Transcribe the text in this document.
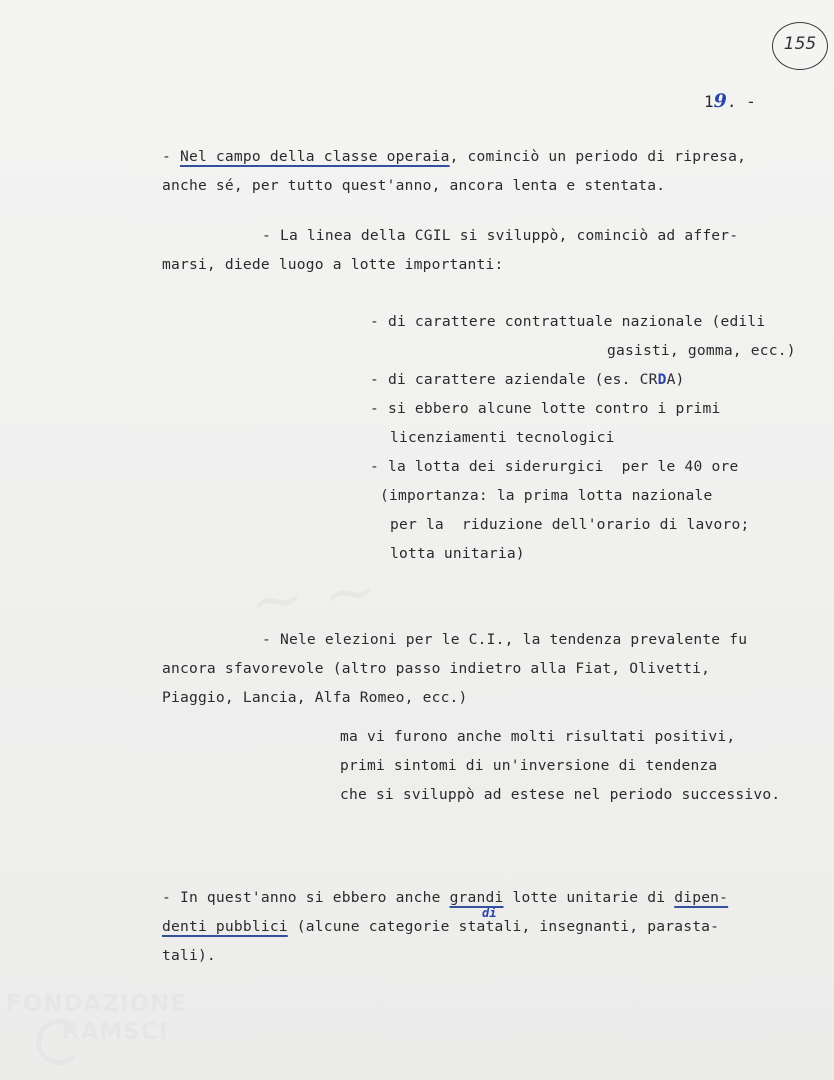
155
19. -
- Nel campo della classe operaia, cominciò un periodo di ripresa,
anche sé, per tutto quest'anno, ancora lenta e stentata.
- La linea della CGIL si sviluppò, cominciò ad affer-
marsi, diede luogo a lotte importanti:
- di carattere contrattuale nazionale (edili
gasisti, gomma, ecc.)
- di carattere aziendale (es. CRDA)
- si ebbero alcune lotte contro i primi
licenziamenti tecnologici
- la lotta dei siderurgici  per le 40 ore
(importanza: la prima lotta nazionale
per la  riduzione dell'orario di lavoro;
lotta unitaria)
- Nele elezioni per le C.I., la tendenza prevalente fu
ancora sfavorevole (altro passo indietro alla Fiat, Olivetti,
Piaggio, Lancia, Alfa Romeo, ecc.)
ma vi furono anche molti risultati positivi,
primi sintomi di un'inversione di tendenza
che si sviluppò ad estese nel periodo successivo.
- In quest'anno si ebbero anche grandi lotte unitarie di dipen-
denti pubblici (alcune categorie statali, insegnanti, parasta-
di
tali).
FONDAZIONE
RAMSCI
